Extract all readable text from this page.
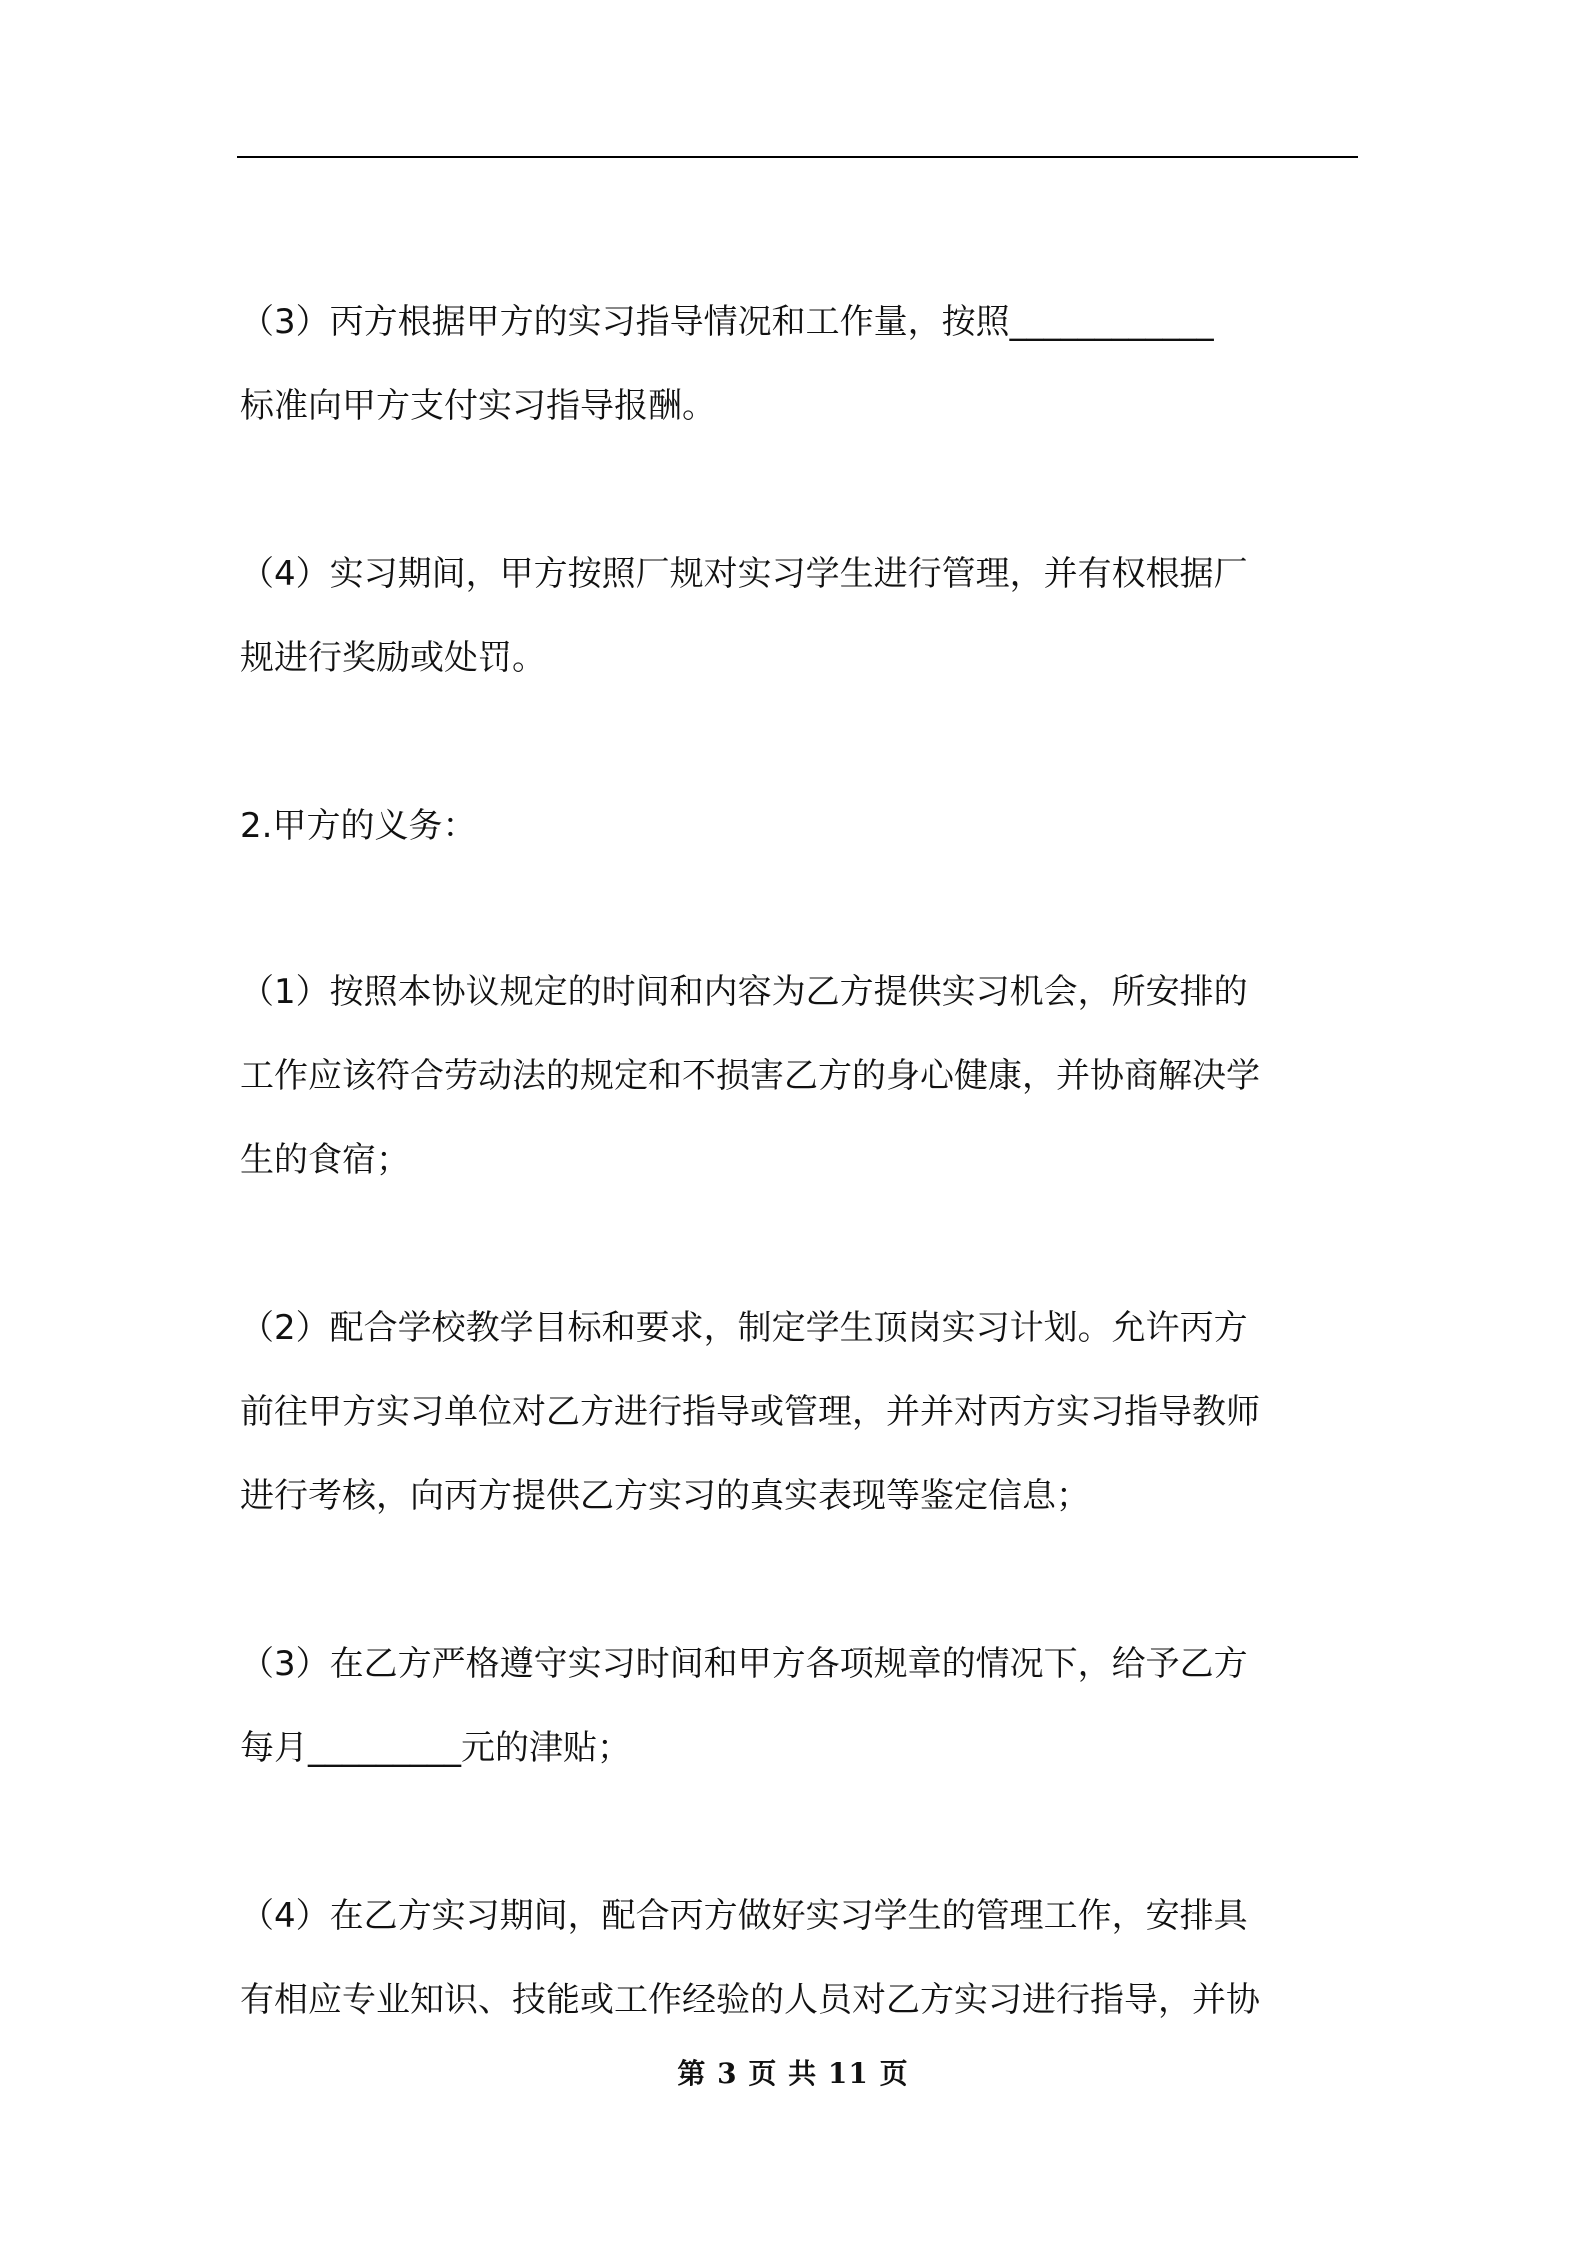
（3）丙方根据甲方的实习指导情况和工作量，按照____________
标准向甲方支付实习指导报酬。

（4）实习期间，甲方按照厂规对实习学生进行管理，并有权根据厂
规进行奖励或处罚。

2.甲方的义务：

（1）按照本协议规定的时间和内容为乙方提供实习机会，所安排的
工作应该符合劳动法的规定和不损害乙方的身心健康，并协商解决学
生的食宿；

（2）配合学校教学目标和要求，制定学生顶岗实习计划。允许丙方
前往甲方实习单位对乙方进行指导或管理，并并对丙方实习指导教师
进行考核，向丙方提供乙方实习的真实表现等鉴定信息；

（3）在乙方严格遵守实习时间和甲方各项规章的情况下，给予乙方
每月_________元的津贴；

（4）在乙方实习期间，配合丙方做好实习学生的管理工作，安排具
有相应专业知识、技能或工作经验的人员对乙方实习进行指导，并协

第 3 页 共 11 页
